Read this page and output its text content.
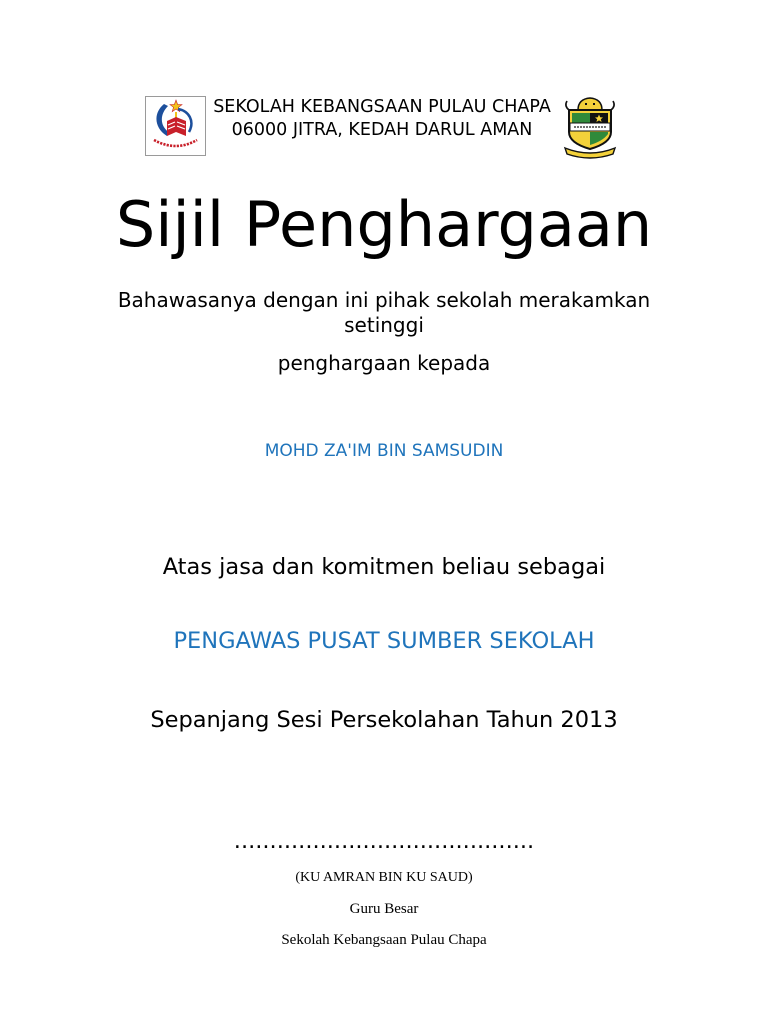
SEKOLAH KEBANGSAAN PULAU CHAPA
06000 JITRA, KEDAH DARUL AMAN
Sijil Penghargaan
Bahawasanya dengan ini pihak sekolah merakamkan setinggi
penghargaan kepada
MOHD ZA'IM BIN SAMSUDIN
Atas jasa dan komitmen beliau sebagai
PENGAWAS PUSAT SUMBER SEKOLAH
Sepanjang Sesi Persekolahan Tahun 2013
..........................................
(KU AMRAN BIN KU SAUD)
Guru Besar
Sekolah Kebangsaan Pulau Chapa
